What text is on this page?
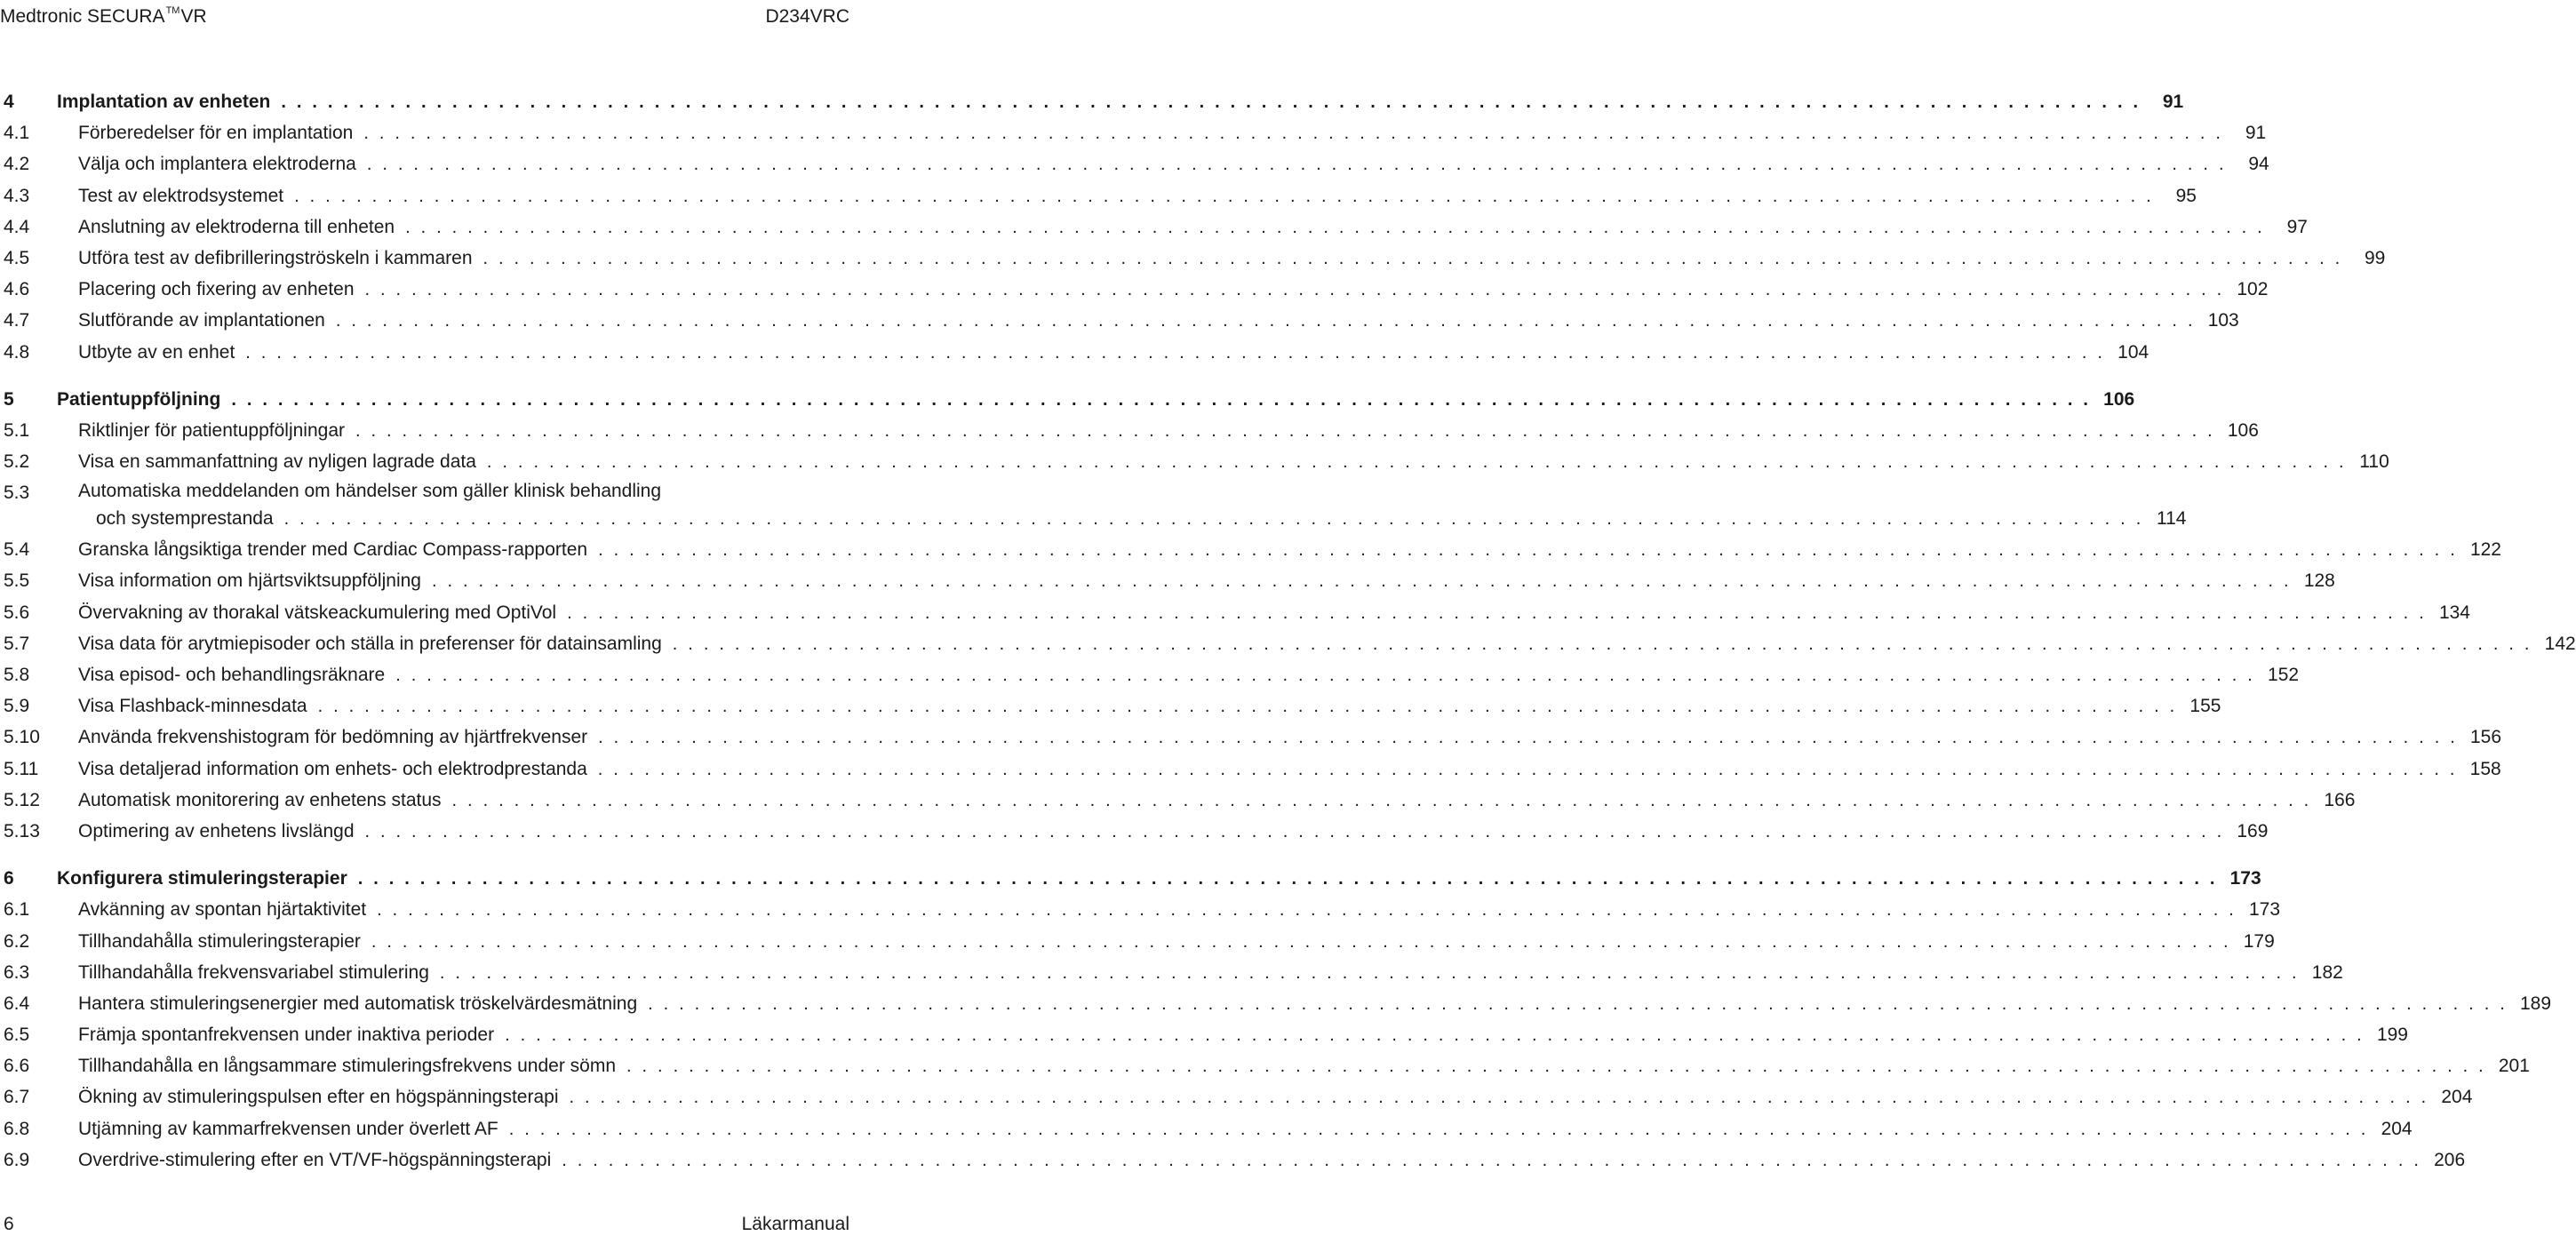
Medtronic SECURA™VR	D234VRC
4 Implantation av enheten . . . . . . . . . . . . . . . . . . . . . . . . . . . . . . . . . . . . . . . . . . . . . . . . . . . . . . . . . . . . . . . . . . . . . . . . . . . . . . . . . . . . . . . . . . . . . . . . . . . . . . . . . . . . . . . . . . . . . . . .	91
4.1	Förberedelser för en implantation . . . . . . . . . . . . . . . . . . . . . . . . . . . . . . . . . . . . . . . . . . . . . . . . . . . . . . . . . . . . . . . . . . . . . . . . . . . . . . . . . . . . . . . . . . . . . . . . . . . . . . . . . . . . . . . . . . . . . . . .	91
4.2	Välja och implantera elektroderna . . . . . . . . . . . . . . . . . . . . . . . . . . . . . . . . . . . . . . . . . . . . . . . . . . . . . . . . . . . . . . . . . . . . . . . . . . . . . . . . . . . . . . . . . . . . . . . . . . . . . . . . . . . . . . . . . . . . . . . .	94
4.3	Test av elektrodsystemet . . . . . . . . . . . . . . . . . . . . . . . . . . . . . . . . . . . . . . . . . . . . . . . . . . . . . . . . . . . . . . . . . . . . . . . . . . . . . . . . . . . . . . . . . . . . . . . . . . . . . . . . . . . . . . . . . . . . . . . .	95
4.4	Anslutning av elektroderna till enheten . . . . . . . . . . . . . . . . . . . . . . . . . . . . . . . . . . . . . . . . . . . . . . . . . . . . . . . . . . . . . . . . . . . . . . . . . . . . . . . . . . . . . . . . . . . . . . . . . . . . . . . . . . . . . . . . . . . . . . . .	97
4.5	Utföra test av defibrilleringströskeln i kammaren . . . . . . . . . . . . . . . . . . . . . . . . . . . . . . . . . . . . . . . . . . . . . . . . . . . . . . . . . . . . . . . . . . . . . . . . . . . . . . . . . . . . . . . . . . . . . . . . . . . . . . . . . . . . . . . . . . . . . . . .	99
4.6	Placering och fixering av enheten . . . . . . . . . . . . . . . . . . . . . . . . . . . . . . . . . . . . . . . . . . . . . . . . . . . . . . . . . . . . . . . . . . . . . . . . . . . . . . . . . . . . . . . . . . . . . . . . . . . . . . . . . . . . . . . . . . . . . . . . 102
4.7	Slutförande av implantationen . . . . . . . . . . . . . . . . . . . . . . . . . . . . . . . . . . . . . . . . . . . . . . . . . . . . . . . . . . . . . . . . . . . . . . . . . . . . . . . . . . . . . . . . . . . . . . . . . . . . . . . . . . . . . . . . . . . . . . . . 103
4.8	Utbyte av en enhet . . . . . . . . . . . . . . . . . . . . . . . . . . . . . . . . . . . . . . . . . . . . . . . . . . . . . . . . . . . . . . . . . . . . . . . . . . . . . . . . . . . . . . . . . . . . . . . . . . . . . . . . . . . . . . . . . . . . . . . . 104
5 Patientuppföljning . . . . . . . . . . . . . . . . . . . . . . . . . . . . . . . . . . . . . . . . . . . . . . . . . . . . . . . . . . . . . . . . . . . . . . . . . . . . . . . . . . . . . . . . . . . . . . . . . . . . . . . . . . . . . . . . . . . . . . . . 106
5.1	Riktlinjer för patientuppföljningar . . . . . . . . . . . . . . . . . . . . . . . . . . . . . . . . . . . . . . . . . . . . . . . . . . . . . . . . . . . . . . . . . . . . . . . . . . . . . . . . . . . . . . . . . . . . . . . . . . . . . . . . . . . . . . . . . . . . . . . . 106
5.2	Visa en sammanfattning av nyligen lagrade data . . . . . . . . . . . . . . . . . . . . . . . . . . . . . . . . . . . . . . . . . . . . . . . . . . . . . . . . . . . . . . . . . . . . . . . . . . . . . . . . . . . . . . . . . . . . . . . . . . . . . . . . . . . . . . . . . . . . . . . . 110
5.3	Automatiska meddelanden om händelser som gäller klinisk behandling
och systemprestanda . . . . . . . . . . . . . . . . . . . . . . . . . . . . . . . . . . . . . . . . . . . . . . . . . . . . . . . . . . . . . . . . . . . . . . . . . . . . . . . . . . . . . . . . . . . . . . . . . . . . . . . . . . . . . . . . . . . . . . . . 114
5.4	Granska långsiktiga trender med Cardiac Compass-rapporten . . . . . . . . . . . . . . . . . . . . . . . . . . . . . . . . . . . . . . . . . . . . . . . . . . . . . . . . . . . . . . . . . . . . . . . . . . . . . . . . . . . . . . . . . . . . . . . . . . . . . . . . . . . . . . . . . . . . . . . . 122
5.5	Visa information om hjärtsviktsuppföljning . . . . . . . . . . . . . . . . . . . . . . . . . . . . . . . . . . . . . . . . . . . . . . . . . . . . . . . . . . . . . . . . . . . . . . . . . . . . . . . . . . . . . . . . . . . . . . . . . . . . . . . . . . . . . . . . . . . . . . . . 128
5.6	Övervakning av thorakal vätskeackumulering med OptiVol . . . . . . . . . . . . . . . . . . . . . . . . . . . . . . . . . . . . . . . . . . . . . . . . . . . . . . . . . . . . . . . . . . . . . . . . . . . . . . . . . . . . . . . . . . . . . . . . . . . . . . . . . . . . . . . . . . . . . . . . 134
5.7	Visa data för arytmiepisoder och ställa in preferenser för datainsamling . . . . . . . . . . . . . . . . . . . . . . . . . . . . . . . . . . . . . . . . . . . . . . . . . . . . . . . . . . . . . . . . . . . . . . . . . . . . . . . . . . . . . . . . . . . . . . . . . . . . . . . . . . . . . . . . . . . . . . . . 142
5.8	Visa episod- och behandlingsräknare . . . . . . . . . . . . . . . . . . . . . . . . . . . . . . . . . . . . . . . . . . . . . . . . . . . . . . . . . . . . . . . . . . . . . . . . . . . . . . . . . . . . . . . . . . . . . . . . . . . . . . . . . . . . . . . . . . . . . . . . 152
5.9	Visa Flashback-minnesdata . . . . . . . . . . . . . . . . . . . . . . . . . . . . . . . . . . . . . . . . . . . . . . . . . . . . . . . . . . . . . . . . . . . . . . . . . . . . . . . . . . . . . . . . . . . . . . . . . . . . . . . . . . . . . . . . . . . . . . . . 155
5.10 Använda frekvenshistogram för bedömning av hjärtfrekvenser . . . . . . . . . . . . . . . . . . . . . . . . . . . . . . . . . . . . . . . . . . . . . . . . . . . . . . . . . . . . . . . . . . . . . . . . . . . . . . . . . . . . . . . . . . . . . . . . . . . . . . . . . . . . . . . . . . . . . . . . 156
5.11 Visa detaljerad information om enhets- och elektrodprestanda . . . . . . . . . . . . . . . . . . . . . . . . . . . . . . . . . . . . . . . . . . . . . . . . . . . . . . . . . . . . . . . . . . . . . . . . . . . . . . . . . . . . . . . . . . . . . . . . . . . . . . . . . . . . . . . . . . . . . . . . 158
5.12 Automatisk monitorering av enhetens status . . . . . . . . . . . . . . . . . . . . . . . . . . . . . . . . . . . . . . . . . . . . . . . . . . . . . . . . . . . . . . . . . . . . . . . . . . . . . . . . . . . . . . . . . . . . . . . . . . . . . . . . . . . . . . . . . . . . . . . . 166
5.13 Optimering av enhetens livslängd . . . . . . . . . . . . . . . . . . . . . . . . . . . . . . . . . . . . . . . . . . . . . . . . . . . . . . . . . . . . . . . . . . . . . . . . . . . . . . . . . . . . . . . . . . . . . . . . . . . . . . . . . . . . . . . . . . . . . . . . 169
6 Konfigurera stimuleringsterapier . . . . . . . . . . . . . . . . . . . . . . . . . . . . . . . . . . . . . . . . . . . . . . . . . . . . . . . . . . . . . . . . . . . . . . . . . . . . . . . . . . . . . . . . . . . . . . . . . . . . . . . . . . . . . . . . . . . . . . . . 173
6.1	Avkänning av spontan hjärtaktivitet . . . . . . . . . . . . . . . . . . . . . . . . . . . . . . . . . . . . . . . . . . . . . . . . . . . . . . . . . . . . . . . . . . . . . . . . . . . . . . . . . . . . . . . . . . . . . . . . . . . . . . . . . . . . . . . . . . . . . . . . 173
6.2	Tillhandahålla stimuleringsterapier . . . . . . . . . . . . . . . . . . . . . . . . . . . . . . . . . . . . . . . . . . . . . . . . . . . . . . . . . . . . . . . . . . . . . . . . . . . . . . . . . . . . . . . . . . . . . . . . . . . . . . . . . . . . . . . . . . . . . . . . 179
6.3	Tillhandahålla frekvensvariabel stimulering . . . . . . . . . . . . . . . . . . . . . . . . . . . . . . . . . . . . . . . . . . . . . . . . . . . . . . . . . . . . . . . . . . . . . . . . . . . . . . . . . . . . . . . . . . . . . . . . . . . . . . . . . . . . . . . . . . . . . . . . 182
6.4	Hantera stimuleringsenergier med automatisk tröskelvärdesmätning . . . . . . . . . . . . . . . . . . . . . . . . . . . . . . . . . . . . . . . . . . . . . . . . . . . . . . . . . . . . . . . . . . . . . . . . . . . . . . . . . . . . . . . . . . . . . . . . . . . . . . . . . . . . . . . . . . . . . . . . 189
6.5	Främja spontanfrekvensen under inaktiva perioder . . . . . . . . . . . . . . . . . . . . . . . . . . . . . . . . . . . . . . . . . . . . . . . . . . . . . . . . . . . . . . . . . . . . . . . . . . . . . . . . . . . . . . . . . . . . . . . . . . . . . . . . . . . . . . . . . . . . . . . . 199
6.6	Tillhandahålla en långsammare stimuleringsfrekvens under sömn . . . . . . . . . . . . . . . . . . . . . . . . . . . . . . . . . . . . . . . . . . . . . . . . . . . . . . . . . . . . . . . . . . . . . . . . . . . . . . . . . . . . . . . . . . . . . . . . . . . . . . . . . . . . . . . . . . . . . . . . 201
6.7	Ökning av stimuleringspulsen efter en högspänningsterapi . . . . . . . . . . . . . . . . . . . . . . . . . . . . . . . . . . . . . . . . . . . . . . . . . . . . . . . . . . . . . . . . . . . . . . . . . . . . . . . . . . . . . . . . . . . . . . . . . . . . . . . . . . . . . . . . . . . . . . . . 204
6.8	Utjämning av kammarfrekvensen under överlett AF . . . . . . . . . . . . . . . . . . . . . . . . . . . . . . . . . . . . . . . . . . . . . . . . . . . . . . . . . . . . . . . . . . . . . . . . . . . . . . . . . . . . . . . . . . . . . . . . . . . . . . . . . . . . . . . . . . . . . . . . 204
6.9	Overdrive-stimulering efter en VT/VF-högspänningsterapi . . . . . . . . . . . . . . . . . . . . . . . . . . . . . . . . . . . . . . . . . . . . . . . . . . . . . . . . . . . . . . . . . . . . . . . . . . . . . . . . . . . . . . . . . . . . . . . . . . . . . . . . . . . . . . . . . . . . . . . . 206
6	Läkarmanual
